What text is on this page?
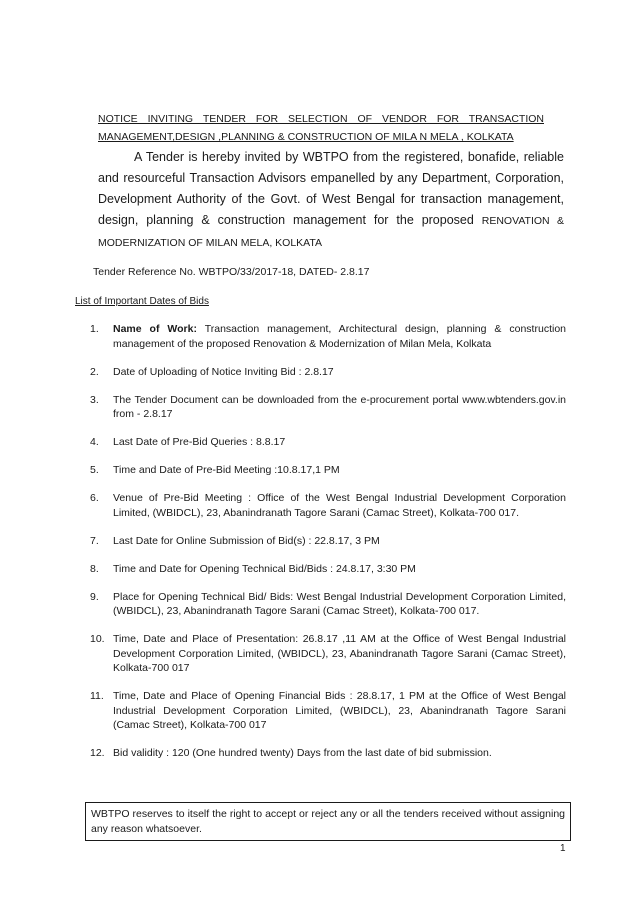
NOTICE INVITING TENDER FOR SELECTION OF VENDOR FOR TRANSACTION
MANAGEMENT,DESIGN ,PLANNING & CONSTRUCTION OF MILA N MELA , KOLKATA
A Tender is hereby invited by WBTPO from the registered, bonafide, reliable and resourceful Transaction Advisors empanelled by any Department, Corporation, Development Authority of the Govt. of West Bengal for transaction management, design, planning & construction management for the proposed RENOVATION & MODERNIZATION OF MILAN MELA, KOLKATA
Tender Reference No. WBTPO/33/2017-18, DATED- 2.8.17
List of Important Dates of Bids
1.	Name of Work: Transaction management, Architectural design, planning & construction management of the proposed Renovation & Modernization of Milan Mela, Kolkata
2.	Date of Uploading of Notice Inviting Bid : 2.8.17
3.	The Tender Document can be downloaded from the e-procurement portal www.wbtenders.gov.in from - 2.8.17
4.	Last Date of Pre-Bid Queries : 8.8.17
5.	Time and Date of Pre-Bid Meeting :10.8.17,1 PM
6.	Venue of Pre-Bid Meeting : Office of the West Bengal Industrial Development Corporation Limited, (WBIDCL), 23, Abanindranath Tagore Sarani (Camac Street), Kolkata-700 017.
7.	Last Date for Online Submission of Bid(s) : 22.8.17, 3 PM
8.	Time and Date for Opening Technical Bid/Bids : 24.8.17, 3:30 PM
9.	Place for Opening Technical Bid/ Bids: West Bengal Industrial Development Corporation Limited, (WBIDCL), 23, Abanindranath Tagore Sarani (Camac Street), Kolkata-700 017.
10. Time, Date and Place of Presentation: 26.8.17 ,11 AM at the Office of West Bengal Industrial Development Corporation Limited, (WBIDCL), 23, Abanindranath Tagore Sarani (Camac Street), Kolkata-700 017
11. Time, Date and Place of Opening Financial Bids : 28.8.17, 1 PM at the Office of West Bengal Industrial Development Corporation Limited, (WBIDCL), 23, Abanindranath Tagore Sarani (Camac Street), Kolkata-700 017
12. Bid validity : 120 (One hundred twenty) Days from the last date of bid submission.
WBTPO reserves to itself the right to accept or reject any or all the tenders received without assigning any reason whatsoever.
1
